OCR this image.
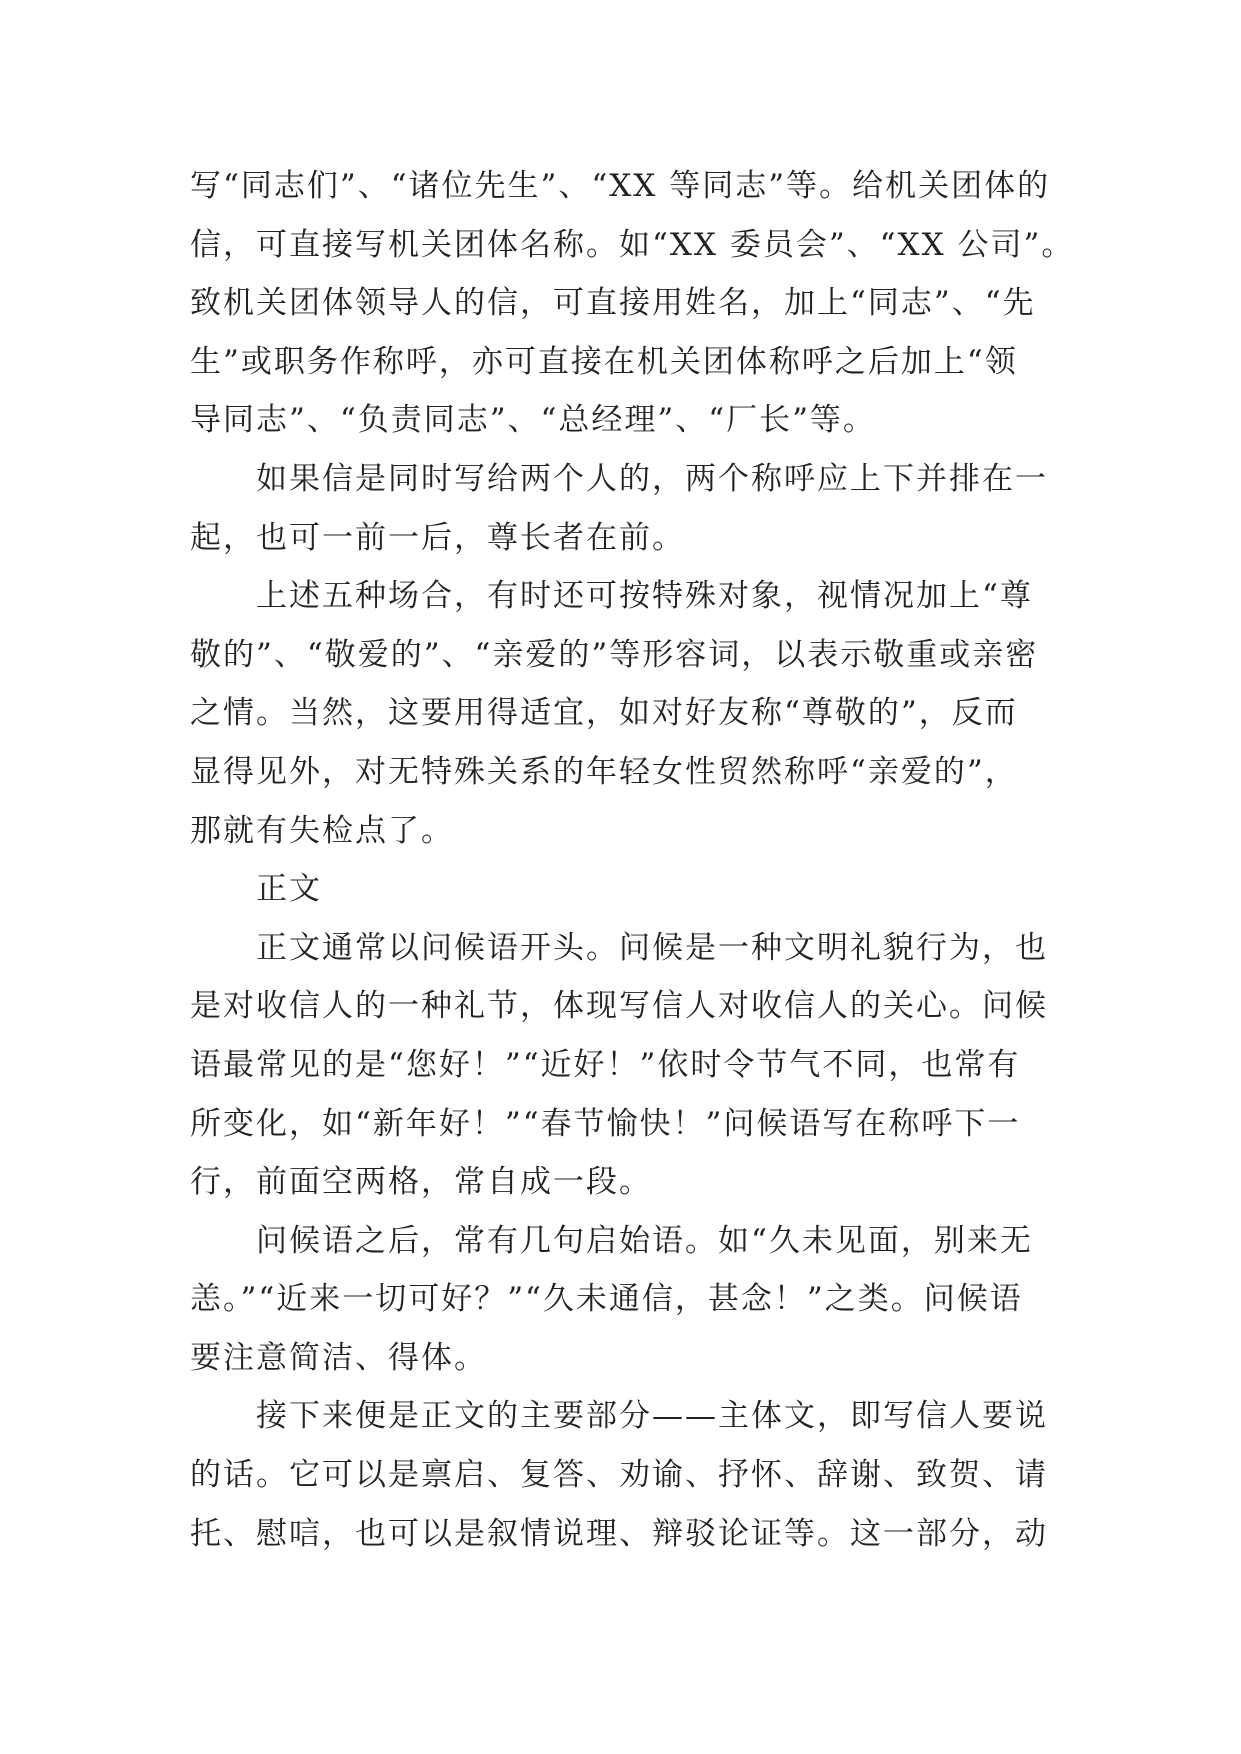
写“同志们”、“诸位先生”、“XX 等同志”等。给机关团体的
信，可直接写机关团体名称。如“XX 委员会”、“XX 公司”。
致机关团体领导人的信，可直接用姓名，加上“同志”、“先
生”或职务作称呼，亦可直接在机关团体称呼之后加上“领
导同志”、“负责同志”、“总经理”、“厂长”等。
　　如果信是同时写给两个人的，两个称呼应上下并排在一
起，也可一前一后，尊长者在前。
　　上述五种场合，有时还可按特殊对象，视情况加上“尊
敬的”、“敬爱的”、“亲爱的”等形容词，以表示敬重或亲密
之情。当然，这要用得适宜，如对好友称“尊敬的”，反而
显得见外，对无特殊关系的年轻女性贸然称呼“亲爱的”，
那就有失检点了。
　　正文
　　正文通常以问候语开头。问候是一种文明礼貌行为，也
是对收信人的一种礼节，体现写信人对收信人的关心。问候
语最常见的是“您好！”“近好！”依时令节气不同，也常有
所变化，如“新年好！”“春节愉快！”问候语写在称呼下一
行，前面空两格，常自成一段。
　　问候语之后，常有几句启始语。如“久未见面，别来无
恙。”“近来一切可好？”“久未通信，甚念！”之类。问候语
要注意简洁、得体。
　　接下来便是正文的主要部分——主体文，即写信人要说
的话。它可以是禀启、复答、劝谕、抒怀、辞谢、致贺、请
托、慰唁，也可以是叙情说理、辩驳论证等。这一部分，动
